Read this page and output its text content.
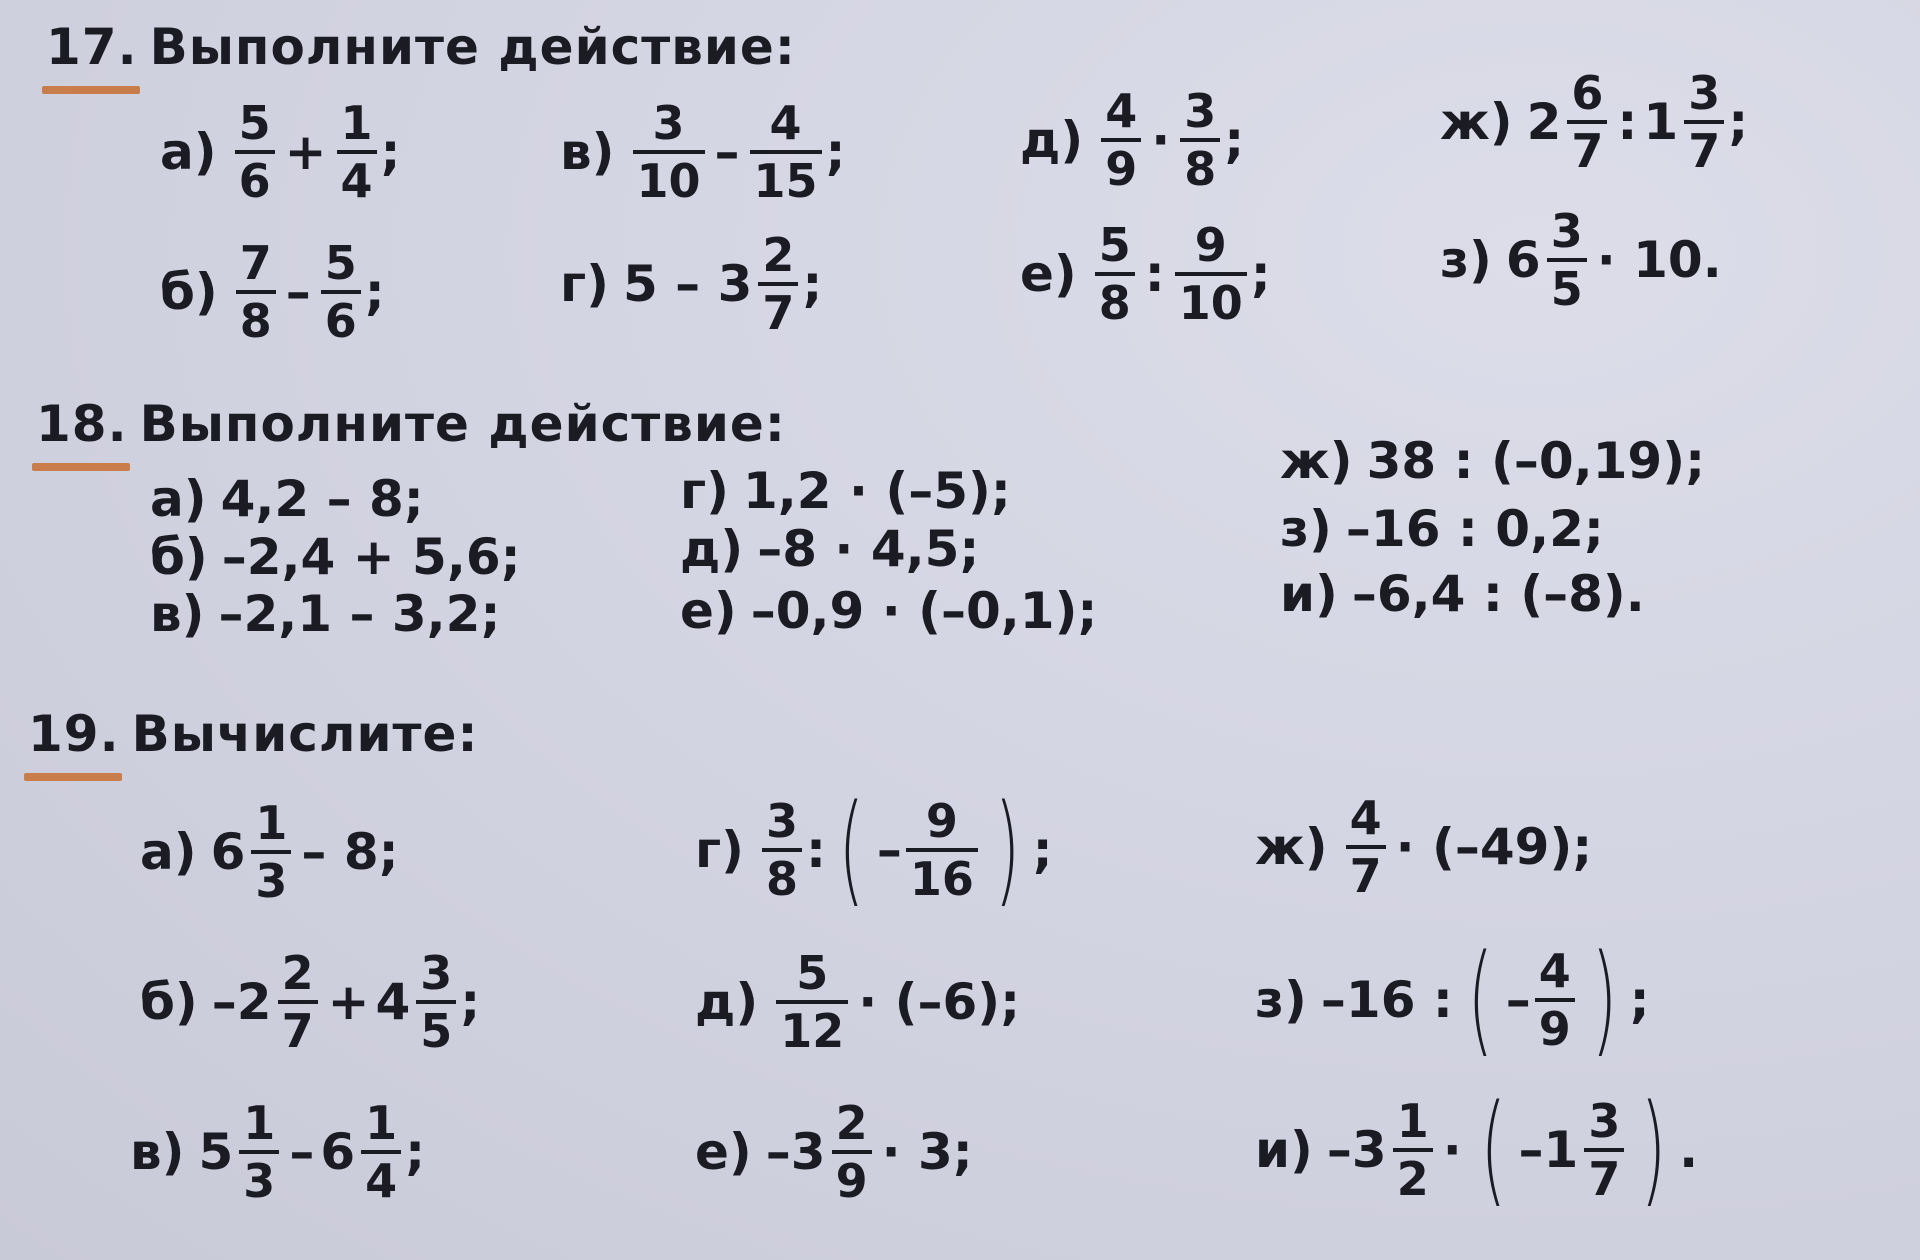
17. Выполните действие:
$а) \frac{5}{6} + \frac{1}{4}$ ;	$в) \frac{3}{10} - \frac{4}{15}$ ;	$д) \frac{4}{9} \cdot \frac{3}{8}$ ;	ж) $2 \frac{6}{7}$ : $1 \frac{3}{7}$ ;
$б) \frac{7}{8} - \frac{5}{6}$ ;	г) $5 - 3 \frac{2}{7}$ ;	$е) \frac{5}{8}$ : $\frac{9}{10}$ ;	з) $6 \frac{3}{5} \cdot 10$.
18. Выполните действие:
а) 4,2 – 8;
б) –2,4 + 5,6;
в) –2,1 – 3,2;
г) 1,2 · (–5);
д) –8 · 4,5;
е) –0,9 · (–0,1);
ж) 38 : (–0,19);
з) –16 : 0,2;
и) –6,4 : (–8).
19. Вычислите:
а) $6 \frac{1}{3} - 8$;	$г) \frac{3}{8}$ : ( – $\frac{9}{16}$ ) ;	$ж) \frac{4}{7} \cdot (-49)$;
б) $-2 \frac{2}{7} + 4 \frac{3}{5}$ ;	$д) \frac{5}{12} \cdot (-6)$;	з) –16 : ( – $\frac{4}{9}$ ) ;
в) $5 \frac{1}{3} - 6 \frac{1}{4}$ ;	е) $-3 \frac{2}{9} \cdot 3$;	и) $-3 \frac{1}{2}$ · ( $-1 \frac{3}{7}$ ) .
